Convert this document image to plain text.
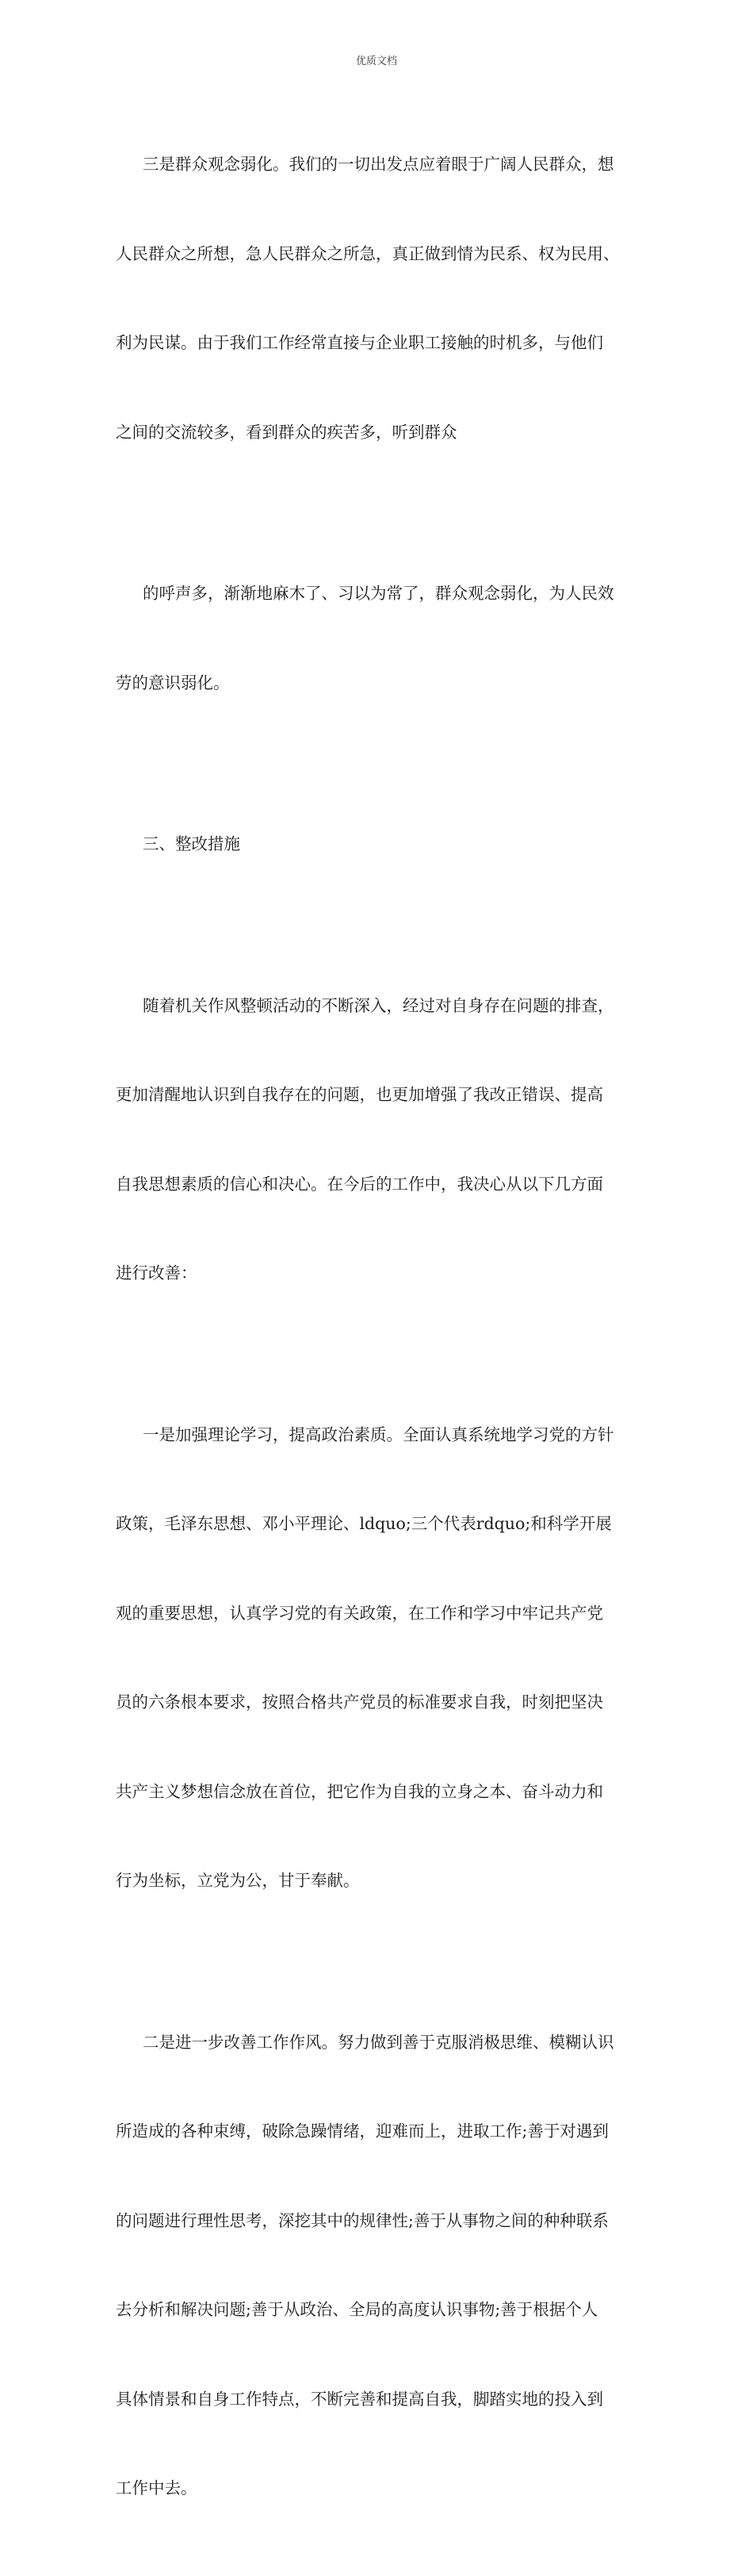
优质文档

三是群众观念弱化。我们的一切出发点应着眼于广阔人民群众，想

人民群众之所想，急人民群众之所急，真正做到情为民系、权为民用、

利为民谋。由于我们工作经常直接与企业职工接触的时机多，与他们

之间的交流较多，看到群众的疾苦多，听到群众

的呼声多，渐渐地麻木了、习以为常了，群众观念弱化，为人民效

劳的意识弱化。

三、整改措施

随着机关作风整顿活动的不断深入，经过对自身存在问题的排查，

更加清醒地认识到自我存在的问题，也更加增强了我改正错误、提高

自我思想素质的信心和决心。在今后的工作中，我决心从以下几方面

进行改善：

一是加强理论学习，提高政治素质。全面认真系统地学习党的方针

政策，毛泽东思想、邓小平理论、ldquo;三个代表rdquo;和科学开展

观的重要思想，认真学习党的有关政策，在工作和学习中牢记共产党

员的六条根本要求，按照合格共产党员的标准要求自我，时刻把坚决

共产主义梦想信念放在首位，把它作为自我的立身之本、奋斗动力和

行为坐标，立党为公，甘于奉献。

二是进一步改善工作作风。努力做到善于克服消极思维、模糊认识

所造成的各种束缚，破除急躁情绪，迎难而上，进取工作;善于对遇到

的问题进行理性思考，深挖其中的规律性;善于从事物之间的种种联系

去分析和解决问题;善于从政治、全局的高度认识事物;善于根据个人

具体情景和自身工作特点，不断完善和提高自我，脚踏实地的投入到

工作中去。
